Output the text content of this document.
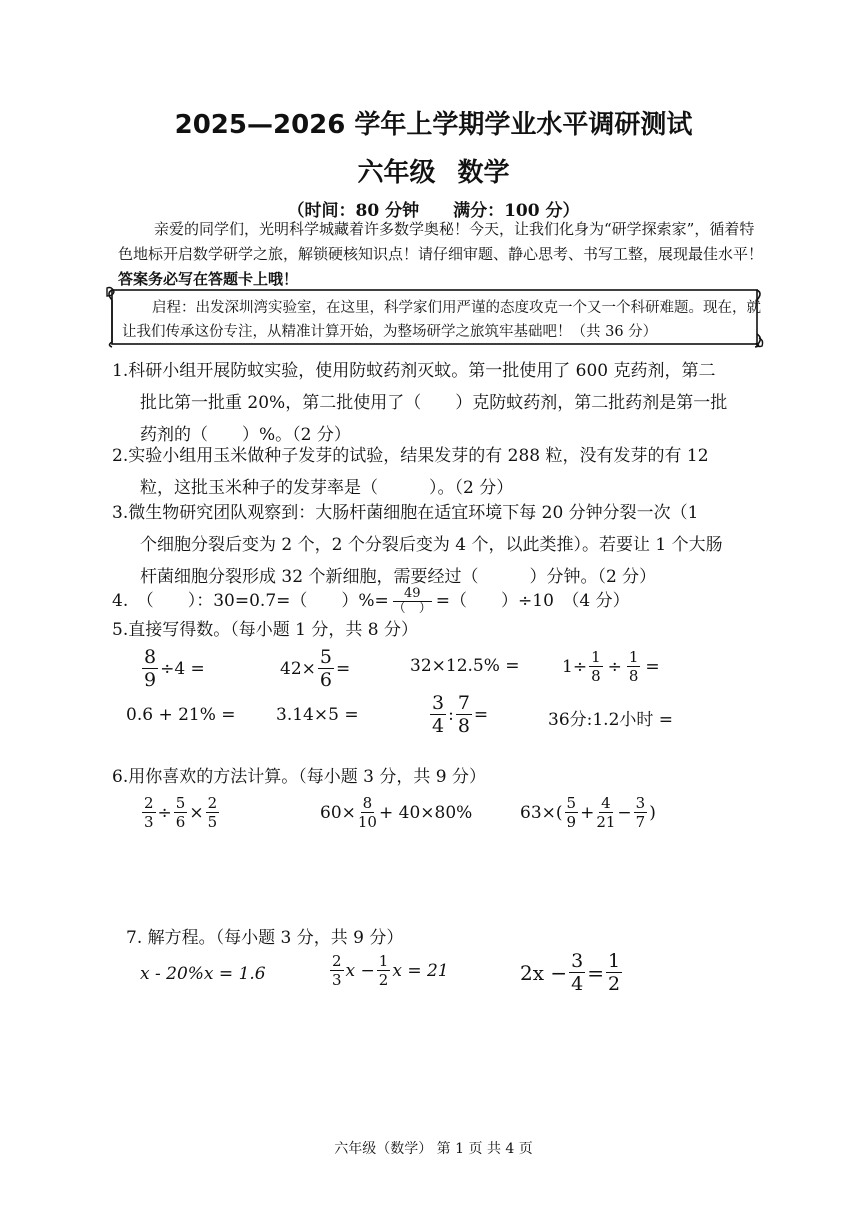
2025—2026 学年上学期学业水平调研测试
六年级 数学
（时间：80 分钟　　满分：100 分）
亲爱的同学们，光明科学城藏着许多数学奥秘！今天，让我们化身为“研学探索家”，循着特色地标开启数学研学之旅，解锁硬核知识点！请仔细审题、静心思考、书写工整，展现最佳水平！答案务必写在答题卡上哦！
启程：出发深圳湾实验室，在这里，科学家们用严谨的态度攻克一个又一个科研难题。现在，就让我们传承这份专注，从精准计算开始，为整场研学之旅筑牢基础吧！（共 36 分）
1.科研小组开展防蚊实验，使用防蚊药剂灭蚊。第一批使用了 600 克药剂，第二
批比第一批重 20%，第二批使用了（　　）克防蚊药剂，第二批药剂是第一批
药剂的（　　）%。（2 分）
2.实验小组用玉米做种子发芽的试验，结果发芽的有 288 粒，没有发芽的有 12
粒，这批玉米种子的发芽率是（　　　）。（2 分）
3.微生物研究团队观察到：大肠杆菌细胞在适宜环境下每 20 分钟分裂一次（1
个细胞分裂后变为 2 个，2 个分裂后变为 4 个，以此类推）。若要让 1 个大肠
杆菌细胞分裂形成 32 个新细胞，需要经过（　　　）分钟。（2 分）
4.　（　　）：30=0.7=（　　）%= $\frac{49}{( )}$ =（　　）÷10　（4 分）
5.直接写得数。（每小题 1 分，共 8 分）
$\frac{8}{9} \div 4$ =	$42\times \frac{5}{6}$ =	$32\times 12.5\% = 1\div \frac{1}{8} \div \frac{1}{8}$ =
0.6 + 21% = 3.14×5 =	$\frac{3}{4}$ : $\frac{7}{8}$ =	36分:1.2小时 =
6.用你喜欢的方法计算。（每小题 3 分，共 9 分）
$\frac{2}{3} \div \frac{5}{6} \times \frac{2}{5}$	$60\times \frac{8}{10} + 40\times 80\%$	$63\times( \frac{5}{9} + \frac{4}{21} - \frac{3}{7}$ )
7. 解方程。（每小题 3 分，共 9 分）
x - 20%x = 1.6	$\frac{2}{3}$ $x - \frac{1}{2}$ x = 21	$2x - \frac{3}{4} = \frac{1}{2}$
六年级（数学） 第 1 页 共 4 页
